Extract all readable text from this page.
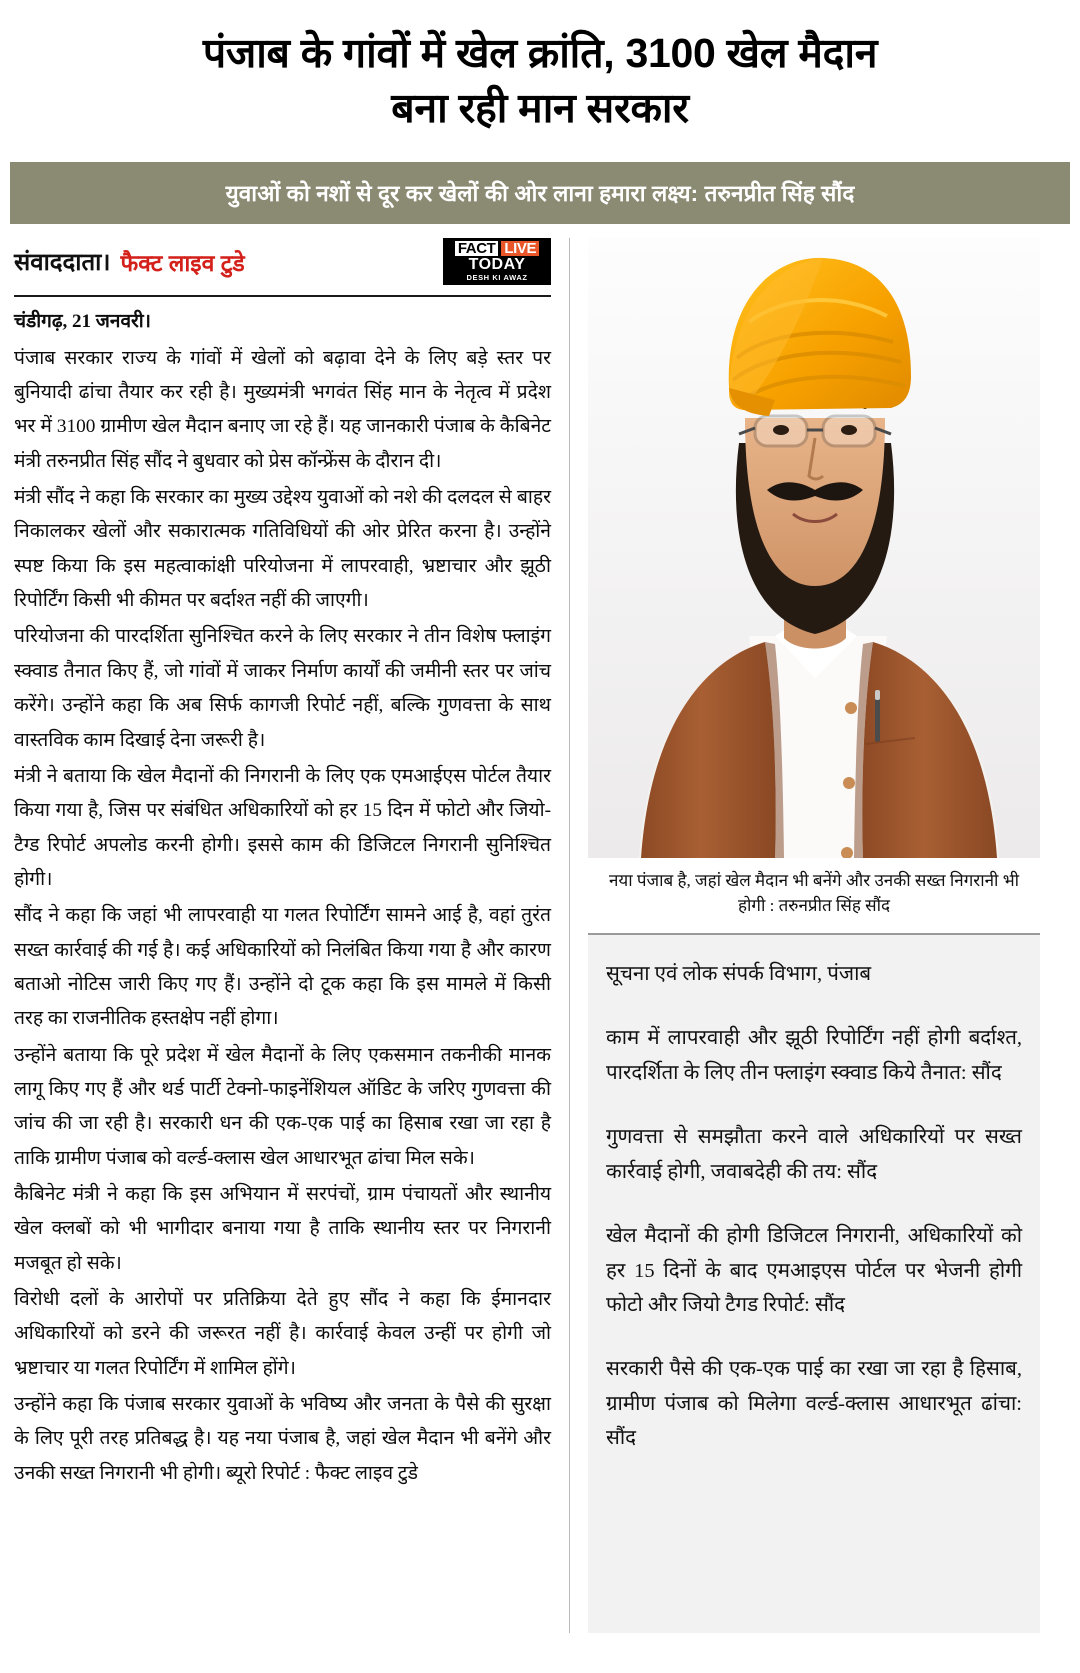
पंजाब के गांवों में खेल क्रांति, 3100 खेल मैदान
बना रही मान सरकार
युवाओं को नशों से दूर कर खेलों की ओर लाना हमारा लक्ष्य: तरुनप्रीत सिंह सौंद
संवाददाता। फैक्ट लाइव टुडे
FACT LIVE
TODAY
DESH KI AWAZ

चंडीगढ़, 21 जनवरी।

पंजाब सरकार राज्य के गांवों में खेलों को बढ़ावा देने के लिए बड़े स्तर पर बुनियादी ढांचा तैयार कर रही है। मुख्यमंत्री भगवंत सिंह मान के नेतृत्व में प्रदेश भर में 3100 ग्रामीण खेल मैदान बनाए जा रहे हैं। यह जानकारी पंजाब के कैबिनेट मंत्री तरुनप्रीत सिंह सौंद ने बुधवार को प्रेस कॉन्फ्रेंस के दौरान दी।

मंत्री सौंद ने कहा कि सरकार का मुख्य उद्देश्य युवाओं को नशे की दलदल से बाहर निकालकर खेलों और सकारात्मक गतिविधियों की ओर प्रेरित करना है। उन्होंने स्पष्ट किया कि इस महत्वाकांक्षी परियोजना में लापरवाही, भ्रष्टाचार और झूठी रिपोर्टिंग किसी भी कीमत पर बर्दाश्त नहीं की जाएगी।

परियोजना की पारदर्शिता सुनिश्चित करने के लिए सरकार ने तीन विशेष फ्लाइंग स्क्वाड तैनात किए हैं, जो गांवों में जाकर निर्माण कार्यों की जमीनी स्तर पर जांच करेंगे। उन्होंने कहा कि अब सिर्फ कागजी रिपोर्ट नहीं, बल्कि गुणवत्ता के साथ वास्तविक काम दिखाई देना जरूरी है।

मंत्री ने बताया कि खेल मैदानों की निगरानी के लिए एक एमआईएस पोर्टल तैयार किया गया है, जिस पर संबंधित अधिकारियों को हर 15 दिन में फोटो और जियो-टैग्ड रिपोर्ट अपलोड करनी होगी। इससे काम की डिजिटल निगरानी सुनिश्चित होगी।

सौंद ने कहा कि जहां भी लापरवाही या गलत रिपोर्टिंग सामने आई है, वहां तुरंत सख्त कार्रवाई की गई है। कई अधिकारियों को निलंबित किया गया है और कारण बताओ नोटिस जारी किए गए हैं। उन्होंने दो टूक कहा कि इस मामले में किसी तरह का राजनीतिक हस्तक्षेप नहीं होगा।

उन्होंने बताया कि पूरे प्रदेश में खेल मैदानों के लिए एकसमान तकनीकी मानक लागू किए गए हैं और थर्ड पार्टी टेक्नो-फाइनेंशियल ऑडिट के जरिए गुणवत्ता की जांच की जा रही है। सरकारी धन की एक-एक पाई का हिसाब रखा जा रहा है ताकि ग्रामीण पंजाब को वर्ल्ड-क्लास खेल आधारभूत ढांचा मिल सके।

कैबिनेट मंत्री ने कहा कि इस अभियान में सरपंचों, ग्राम पंचायतों और स्थानीय खेल क्लबों को भी भागीदार बनाया गया है ताकि स्थानीय स्तर पर निगरानी मजबूत हो सके।

विरोधी दलों के आरोपों पर प्रतिक्रिया देते हुए सौंद ने कहा कि ईमानदार अधिकारियों को डरने की जरूरत नहीं है। कार्रवाई केवल उन्हीं पर होगी जो भ्रष्टाचार या गलत रिपोर्टिंग में शामिल होंगे।

उन्होंने कहा कि पंजाब सरकार युवाओं के भविष्य और जनता के पैसे की सुरक्षा के लिए पूरी तरह प्रतिबद्ध है। यह नया पंजाब है, जहां खेल मैदान भी बनेंगे और उनकी सख्त निगरानी भी होगी। ब्यूरो रिपोर्ट : फैक्ट लाइव टुडे

नया पंजाब है, जहां खेल मैदान भी बनेंगे और उनकी सख्त निगरानी भी होगी : तरुनप्रीत सिंह सौंद

सूचना एवं लोक संपर्क विभाग, पंजाब

काम में लापरवाही और झूठी रिपोर्टिंग नहीं होगी बर्दाश्त, पारदर्शिता के लिए तीन फ्लाइंग स्क्वाड किये तैनात: सौंद

गुणवत्ता से समझौता करने वाले अधिकारियों पर सख्त कार्रवाई होगी, जवाबदेही की तय: सौंद

खेल मैदानों की होगी डिजिटल निगरानी, अधिकारियों को हर 15 दिनों के बाद एमआइएस पोर्टल पर भेजनी होगी फोटो और जियो टैगड रिपोर्ट: सौंद

सरकारी पैसे की एक-एक पाई का रखा जा रहा है हिसाब, ग्रामीण पंजाब को मिलेगा वर्ल्ड-क्लास आधारभूत ढांचा: सौंद
